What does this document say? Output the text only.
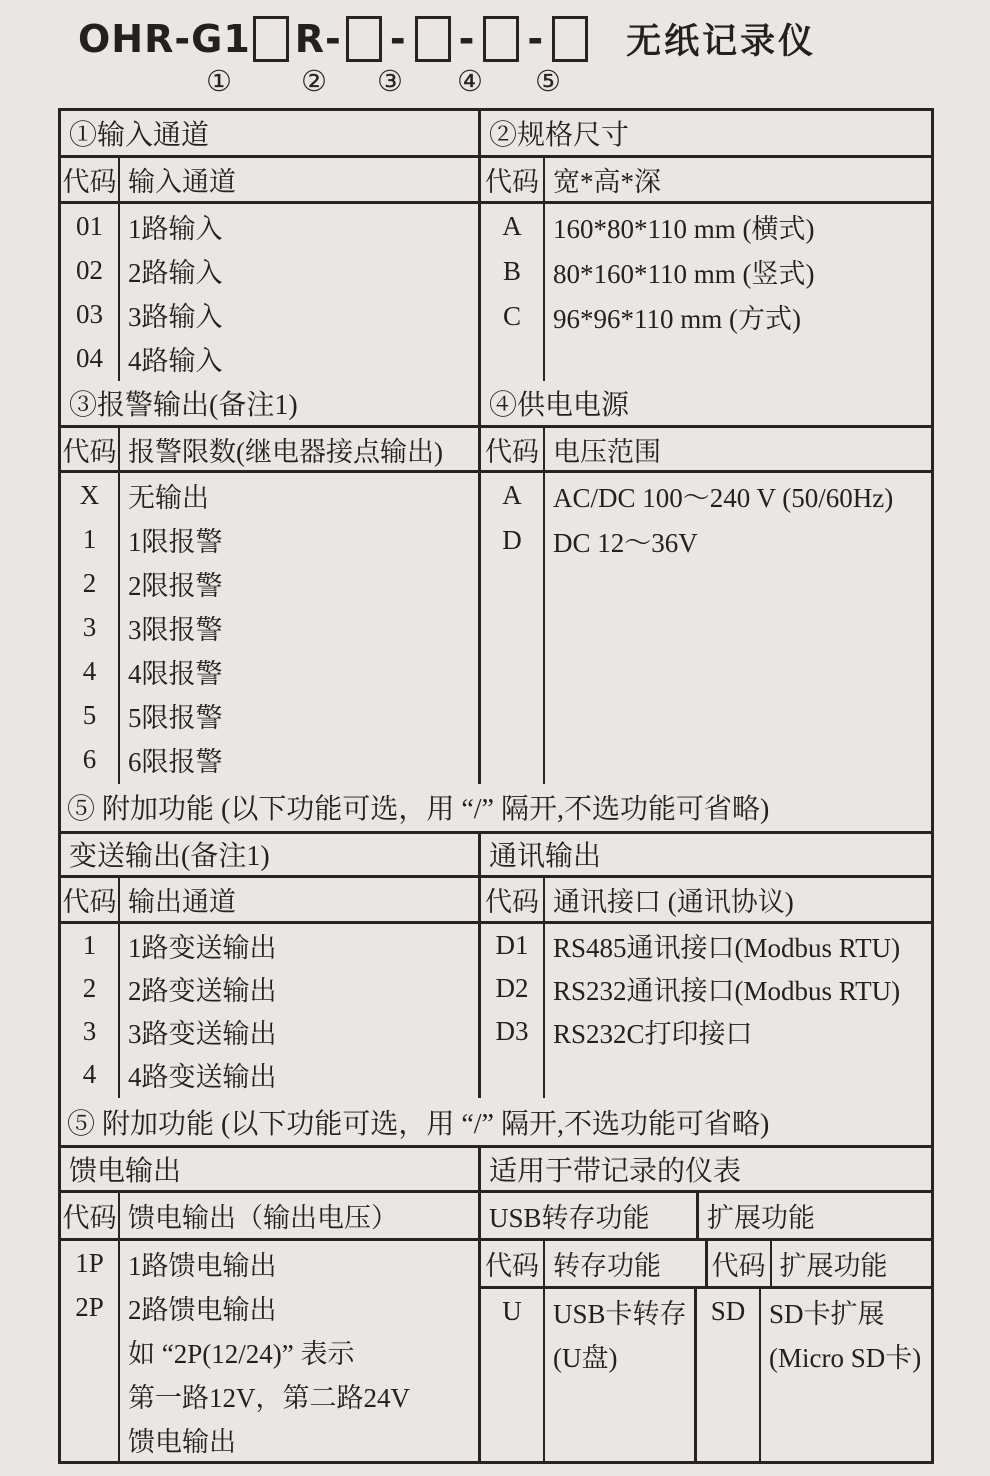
OHR-G1 R- - - - 无纸记录仪
① ② ③ ④ ⑤
①输入通道
代码 输入通道
01
02
03
04
1路输入
2路输入
3路输入
4路输入
②规格尺寸
代码 宽*高*深
A
B
C
160*80*110 mm (横式)
80*160*110 mm (竖式)
96*96*110 mm (方式)
③报警输出(备注1)
代码 报警限数(继电器接点输出)
X
1
2
3
4
5
6
无输出
1限报警
2限报警
3限报警
4限报警
5限报警
6限报警
④供电电源
代码 电压范围
A
D
AC/DC 100～240 V (50/60Hz)
DC 12～36V
⑤ 附加功能 (以下功能可选，用 “/” 隔开,不选功能可省略)
变送输出(备注1)
代码 输出通道
1
2
3
4
1路变送输出
2路变送输出
3路变送输出
4路变送输出
通讯输出
代码 通讯接口 (通讯协议)
D1
D2
D3
RS485通讯接口(Modbus RTU)
RS232通讯接口(Modbus RTU)
RS232C打印接口
⑤ 附加功能 (以下功能可选，用 “/” 隔开,不选功能可省略)
馈电输出
代码 馈电输出（输出电压）
1P
2P
1路馈电输出
2路馈电输出
如 “2P(12/24)” 表示
第一路12V，第二路24V
馈电输出
适用于带记录的仪表
USB转存功能	扩展功能
代码 转存功能	代码 扩展功能
U USB卡转存
(U盘)
SD SD卡扩展
(Micro SD卡)
